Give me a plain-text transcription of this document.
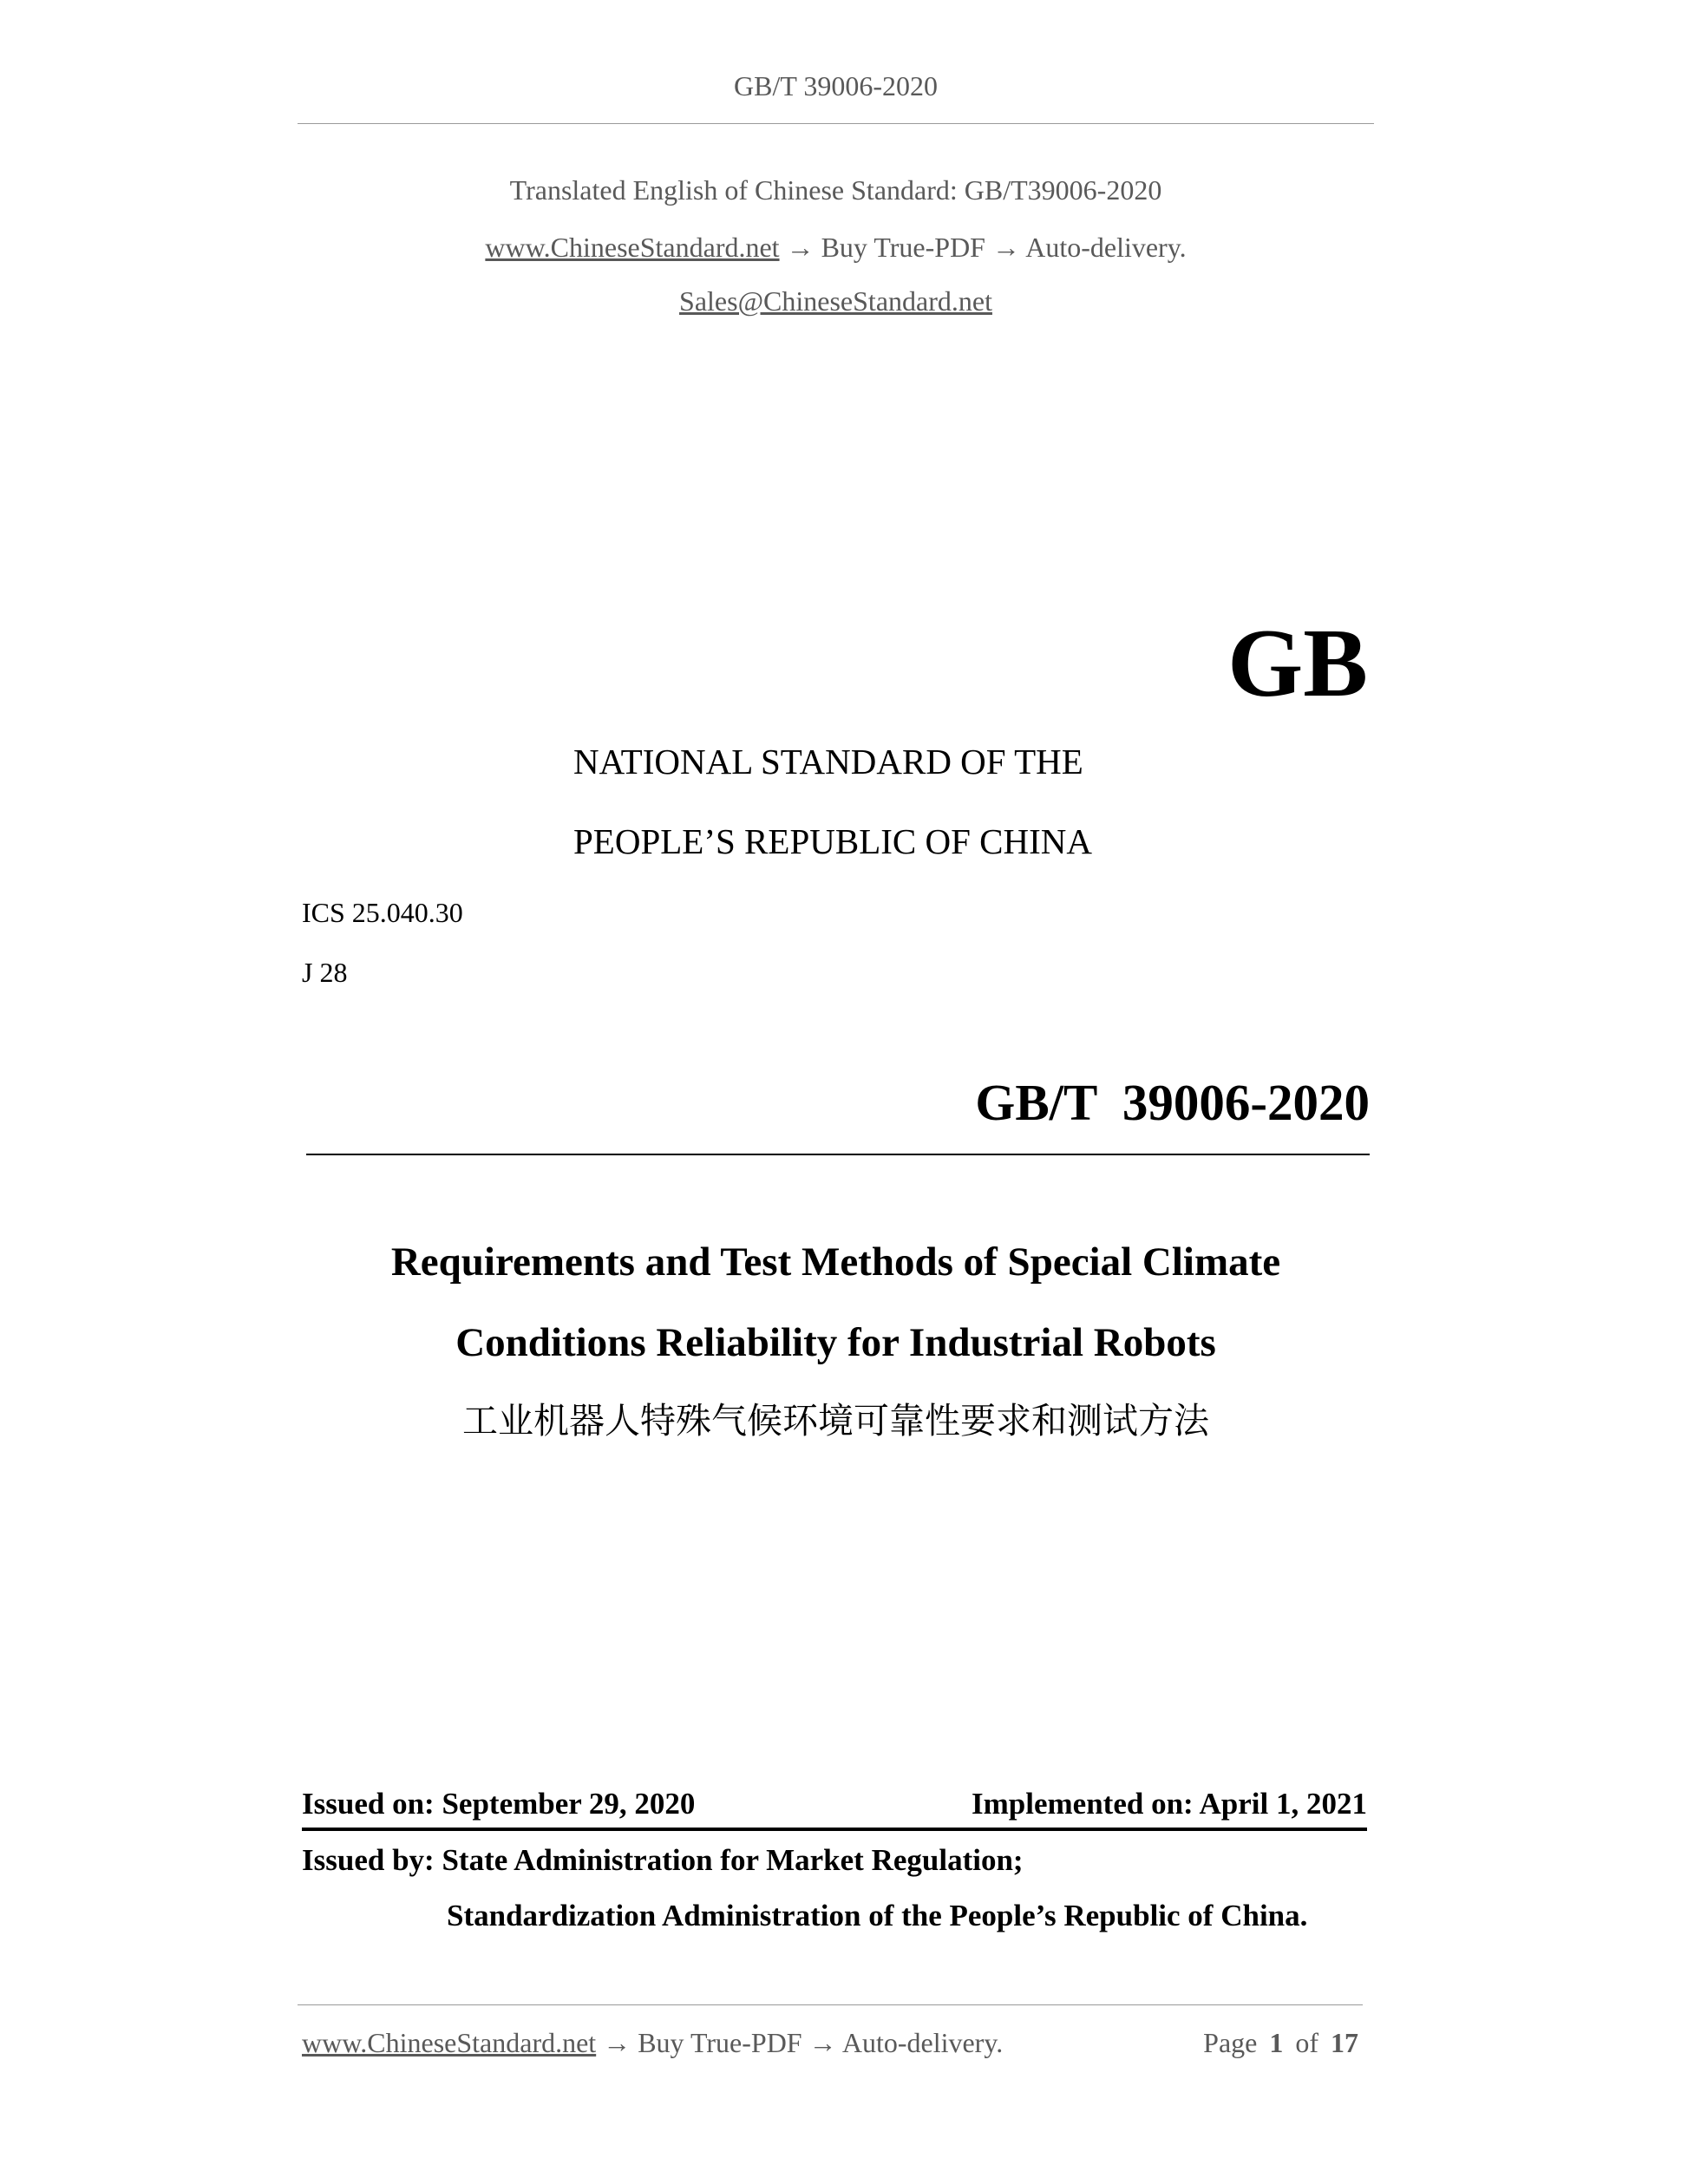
GB/T 39006-2020
Translated English of Chinese Standard: GB/T39006-2020
www.ChineseStandard.net → Buy True-PDF → Auto-delivery.
Sales@ChineseStandard.net
GB
NATIONAL STANDARD OF THE
PEOPLE’S REPUBLIC OF CHINA
ICS 25.040.30
J 28
GB/T  39006-2020
Requirements and Test Methods of Special Climate
Conditions Reliability for Industrial Robots
工业机器人特殊气候环境可靠性要求和测试方法
Issued on: September 29, 2020	Implemented on: April 1, 2021
Issued by: State Administration for Market Regulation;
Standardization Administration of the People’s Republic of China.
www.ChineseStandard.net → Buy True-PDF → Auto-delivery.	Page 1 of 17
